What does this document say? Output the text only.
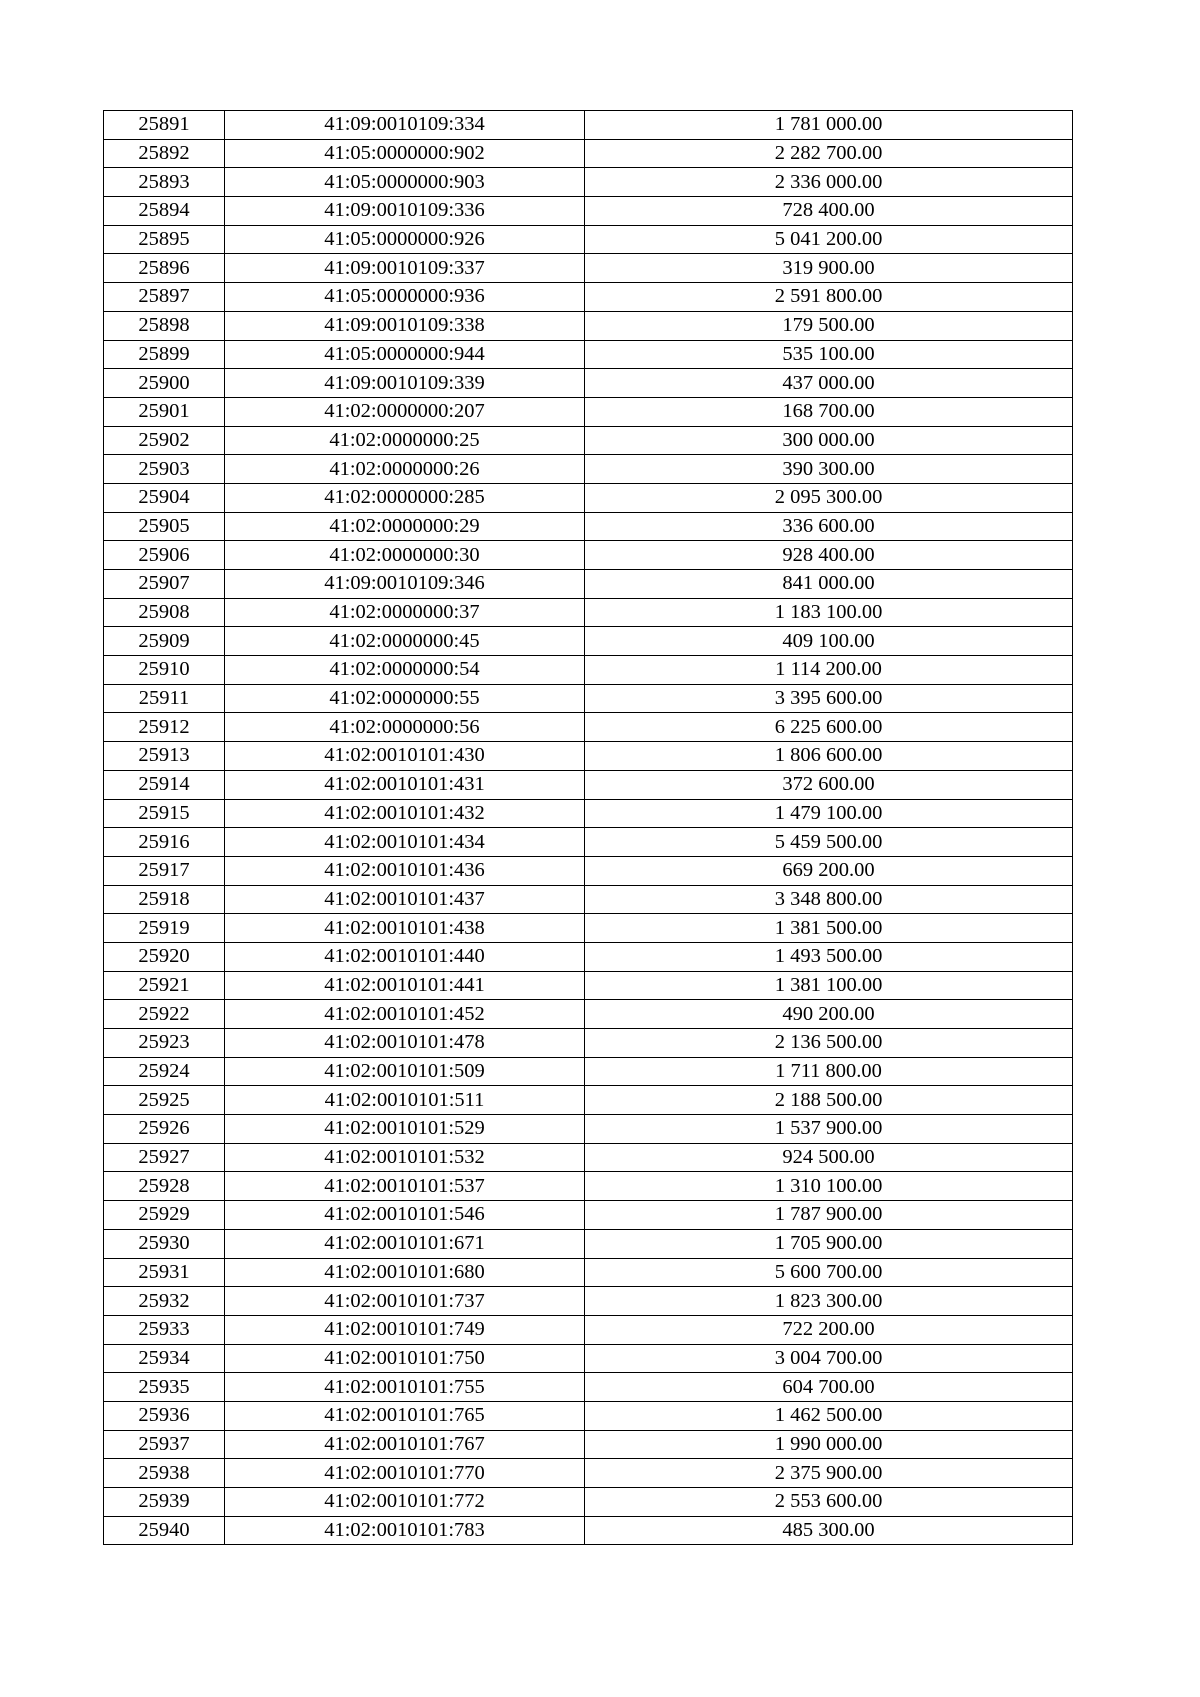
25891	41:09:0010109:334	1 781 000.00
25892	41:05:0000000:902	2 282 700.00
25893	41:05:0000000:903	2 336 000.00
25894	41:09:0010109:336	728 400.00
25895	41:05:0000000:926	5 041 200.00
25896	41:09:0010109:337	319 900.00
25897	41:05:0000000:936	2 591 800.00
25898	41:09:0010109:338	179 500.00
25899	41:05:0000000:944	535 100.00
25900	41:09:0010109:339	437 000.00
25901	41:02:0000000:207	168 700.00
25902	41:02:0000000:25	300 000.00
25903	41:02:0000000:26	390 300.00
25904	41:02:0000000:285	2 095 300.00
25905	41:02:0000000:29	336 600.00
25906	41:02:0000000:30	928 400.00
25907	41:09:0010109:346	841 000.00
25908	41:02:0000000:37	1 183 100.00
25909	41:02:0000000:45	409 100.00
25910	41:02:0000000:54	1 114 200.00
25911	41:02:0000000:55	3 395 600.00
25912	41:02:0000000:56	6 225 600.00
25913	41:02:0010101:430	1 806 600.00
25914	41:02:0010101:431	372 600.00
25915	41:02:0010101:432	1 479 100.00
25916	41:02:0010101:434	5 459 500.00
25917	41:02:0010101:436	669 200.00
25918	41:02:0010101:437	3 348 800.00
25919	41:02:0010101:438	1 381 500.00
25920	41:02:0010101:440	1 493 500.00
25921	41:02:0010101:441	1 381 100.00
25922	41:02:0010101:452	490 200.00
25923	41:02:0010101:478	2 136 500.00
25924	41:02:0010101:509	1 711 800.00
25925	41:02:0010101:511	2 188 500.00
25926	41:02:0010101:529	1 537 900.00
25927	41:02:0010101:532	924 500.00
25928	41:02:0010101:537	1 310 100.00
25929	41:02:0010101:546	1 787 900.00
25930	41:02:0010101:671	1 705 900.00
25931	41:02:0010101:680	5 600 700.00
25932	41:02:0010101:737	1 823 300.00
25933	41:02:0010101:749	722 200.00
25934	41:02:0010101:750	3 004 700.00
25935	41:02:0010101:755	604 700.00
25936	41:02:0010101:765	1 462 500.00
25937	41:02:0010101:767	1 990 000.00
25938	41:02:0010101:770	2 375 900.00
25939	41:02:0010101:772	2 553 600.00
25940	41:02:0010101:783	485 300.00
